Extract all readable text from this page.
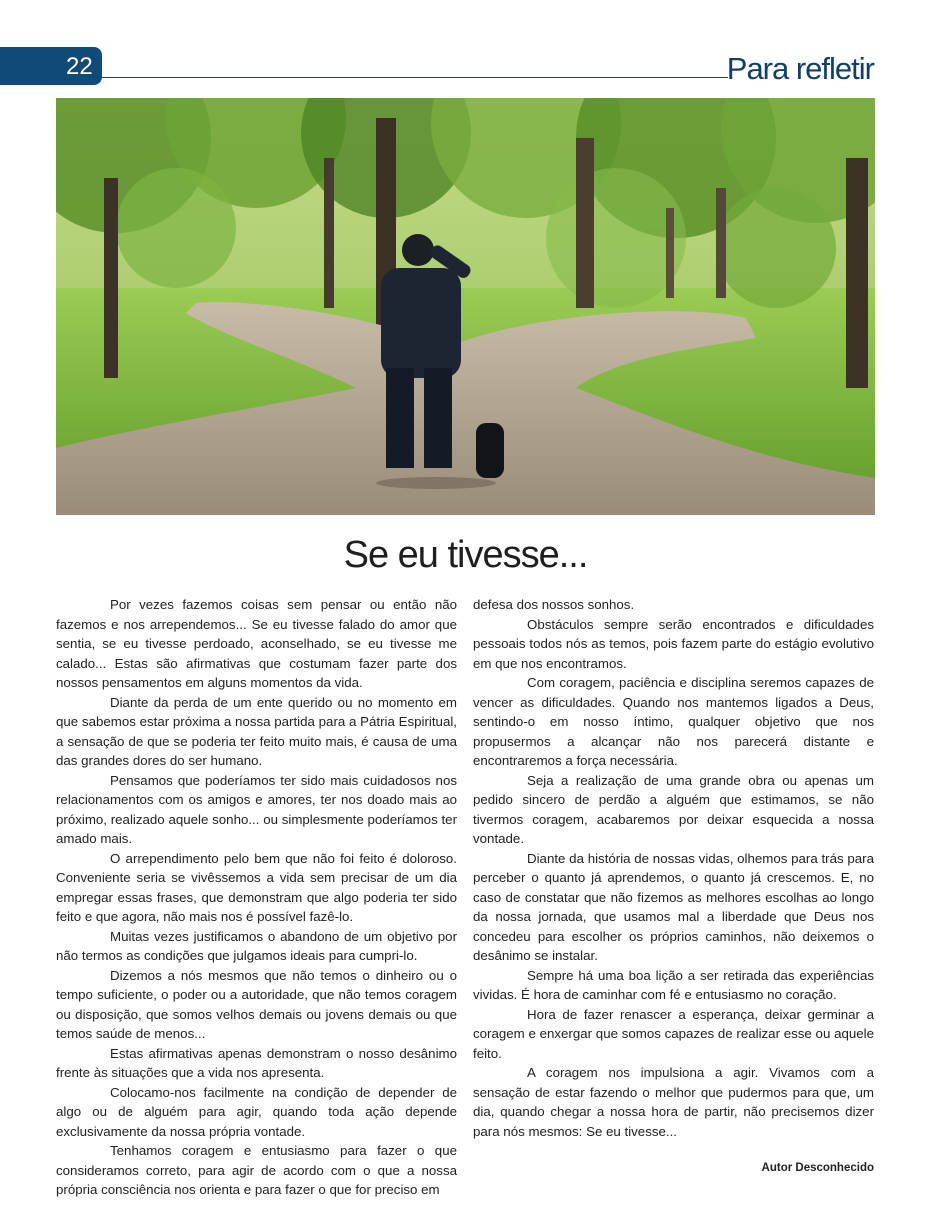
22	Para refletir
Se eu tivesse...

Por vezes fazemos coisas sem pensar ou então não fazemos e nos arrependemos... Se eu tivesse falado do amor que sentia, se eu tivesse perdoado, aconselhado, se eu tivesse me calado... Estas são afirmativas que costumam fazer parte dos nossos pensamentos em alguns momentos da vida.

Diante da perda de um ente querido ou no momento em que sabemos estar próxima a nossa partida para a Pátria Espiritual, a sensação de que se poderia ter feito muito mais, é causa de uma das grandes dores do ser humano.

Pensamos que poderíamos ter sido mais cuidadosos nos relacionamentos com os amigos e amores, ter nos doado mais ao próximo, realizado aquele sonho... ou simplesmente poderíamos ter amado mais.

O arrependimento pelo bem que não foi feito é doloroso. Conveniente seria se vivêssemos a vida sem precisar de um dia empregar essas frases, que demonstram que algo poderia ter sido feito e que agora, não mais nos é possível fazê-lo.

Muitas vezes justificamos o abandono de um objetivo por não termos as condições que julgamos ideais para cumpri-lo.

Dizemos a nós mesmos que não temos o dinheiro ou o tempo suficiente, o poder ou a autoridade, que não temos coragem ou disposição, que somos velhos demais ou jovens demais ou que temos saúde de menos...

Estas afirmativas apenas demonstram o nosso desânimo frente às situações que a vida nos apresenta.

Colocamo-nos facilmente na condição de depender de algo ou de alguém para agir, quando toda ação depende exclusivamente da nossa própria vontade.

Tenhamos coragem e entusiasmo para fazer o que consideramos correto, para agir de acordo com o que a nossa própria consciência nos orienta e para fazer o que for preciso em

defesa dos nossos sonhos.

Obstáculos sempre serão encontrados e dificuldades pessoais todos nós as temos, pois fazem parte do estágio evolutivo em que nos encontramos.

Com coragem, paciência e disciplina seremos capazes de vencer as dificuldades. Quando nos mantemos ligados a Deus, sentindo-o em nosso íntimo, qualquer objetivo que nos propusermos a alcançar não nos parecerá distante e encontraremos a força necessária.

Seja a realização de uma grande obra ou apenas um pedido sincero de perdão a alguém que estimamos, se não tivermos coragem, acabaremos por deixar esquecida a nossa vontade.

Diante da história de nossas vidas, olhemos para trás para perceber o quanto já aprendemos, o quanto já crescemos. E, no caso de constatar que não fizemos as melhores escolhas ao longo da nossa jornada, que usamos mal a liberdade que Deus nos concedeu para escolher os próprios caminhos, não deixemos o desânimo se instalar.

Sempre há uma boa lição a ser retirada das experiências vividas. É hora de caminhar com fé e entusiasmo no coração.

Hora de fazer renascer a esperança, deixar germinar a coragem e enxergar que somos capazes de realizar esse ou aquele feito.

A coragem nos impulsiona a agir. Vivamos com a sensação de estar fazendo o melhor que pudermos para que, um dia, quando chegar a nossa hora de partir, não precisemos dizer para nós mesmos: Se eu tivesse...

Autor Desconhecido
